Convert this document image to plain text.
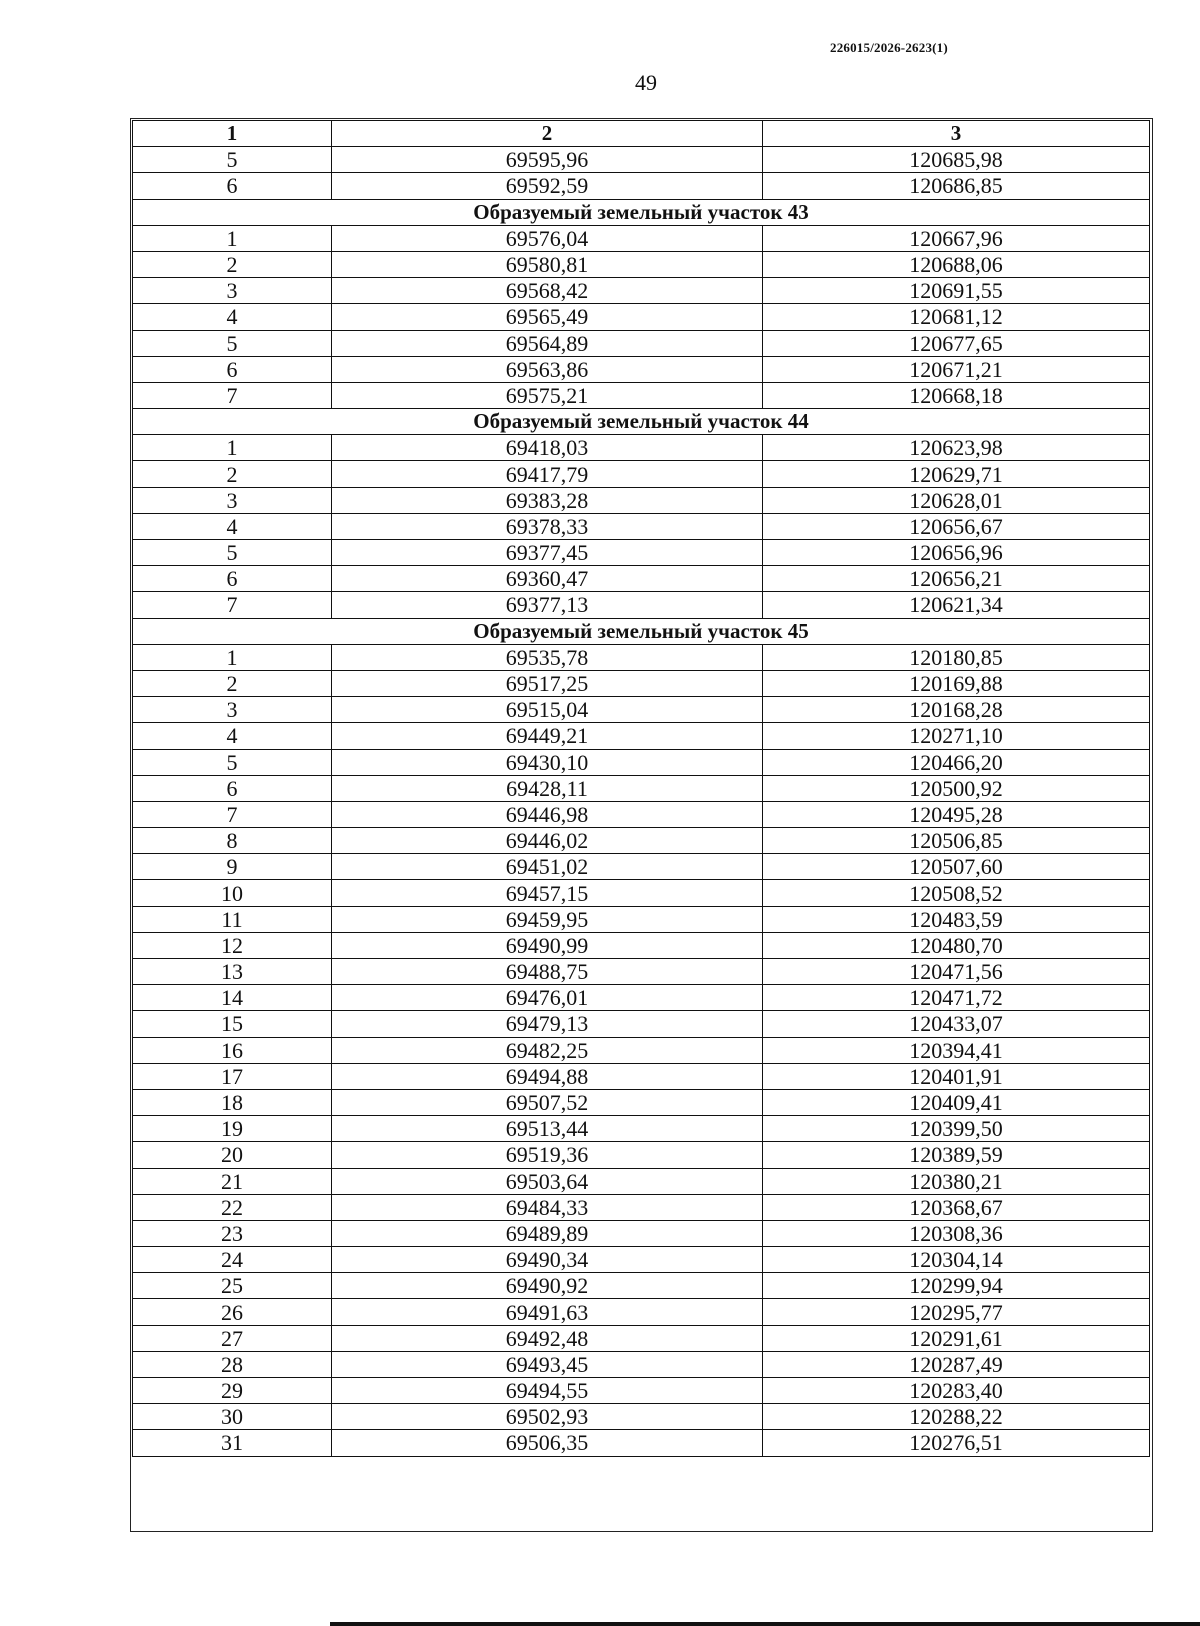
226015/2026-2623(1)
49
1	2	3
5	69595,96	120685,98
6	69592,59	120686,85
Образуемый земельный участок 43		
1	69576,04	120667,96
2	69580,81	120688,06
3	69568,42	120691,55
4	69565,49	120681,12
5	69564,89	120677,65
6	69563,86	120671,21
7	69575,21	120668,18
Образуемый земельный участок 44		
1	69418,03	120623,98
2	69417,79	120629,71
3	69383,28	120628,01
4	69378,33	120656,67
5	69377,45	120656,96
6	69360,47	120656,21
7	69377,13	120621,34
Образуемый земельный участок 45		
1	69535,78	120180,85
2	69517,25	120169,88
3	69515,04	120168,28
4	69449,21	120271,10
5	69430,10	120466,20
6	69428,11	120500,92
7	69446,98	120495,28
8	69446,02	120506,85
9	69451,02	120507,60
10	69457,15	120508,52
11	69459,95	120483,59
12	69490,99	120480,70
13	69488,75	120471,56
14	69476,01	120471,72
15	69479,13	120433,07
16	69482,25	120394,41
17	69494,88	120401,91
18	69507,52	120409,41
19	69513,44	120399,50
20	69519,36	120389,59
21	69503,64	120380,21
22	69484,33	120368,67
23	69489,89	120308,36
24	69490,34	120304,14
25	69490,92	120299,94
26	69491,63	120295,77
27	69492,48	120291,61
28	69493,45	120287,49
29	69494,55	120283,40
30	69502,93	120288,22
31	69506,35	120276,51
